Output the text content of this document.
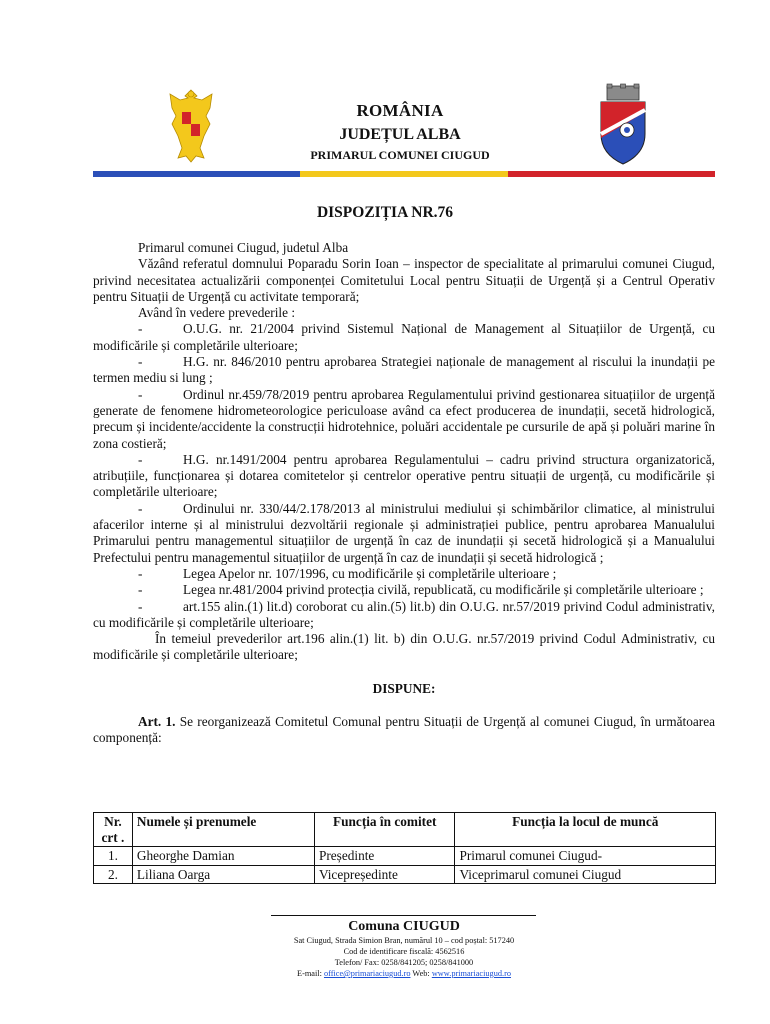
ROMÂNIA
JUDEȚUL ALBA
PRIMARUL COMUNEI CIUGUD
DISPOZIȚIA NR.76

Primarul comunei Ciugud, judetul Alba

Văzând referatul domnului Poparadu Sorin Ioan – inspector de specialitate al primarului comunei Ciugud, privind necesitatea actualizării componenței Comitetului Local pentru Situații de Urgență și a Centrul Operativ pentru Situații de Urgență cu activitate temporară;

Având în vedere prevederile :

-	O.U.G. nr. 21/2004 privind Sistemul Național de Management al Situațiilor de Urgență, cu modificările și completările ulterioare;

-	H.G. nr. 846/2010 pentru aprobarea Strategiei naționale de management al riscului la inundații pe termen mediu si lung ;

-	Ordinul nr.459/78/2019 pentru aprobarea Regulamentului privind gestionarea situațiilor de urgență generate de fenomene hidrometeorologice periculoase având ca efect producerea de inundații, secetă hidrologică, precum și incidente/accidente la construcții hidrotehnice, poluări accidentale pe cursurile de apă și poluări marine în zona costieră;

-	H.G. nr.1491/2004 pentru aprobarea Regulamentului – cadru privind structura organizatorică, atribuțiile, funcționarea și dotarea comitetelor și centrelor operative pentru situații de urgență, cu modificările și completările ulterioare;

-	Ordinului nr. 330/44/2.178/2013 al ministrului mediului și schimbărilor climatice, al ministrului afacerilor interne și al ministrului dezvoltării regionale și administrației publice, pentru aprobarea Manualului Primarului pentru managementul situațiilor de urgență în caz de inundații și secetă hidrologică și a Manualului Prefectului pentru managementul situațiilor de urgență în caz de inundații și secetă hidrologică ;

-	Legea Apelor nr. 107/1996, cu modificările și completările ulterioare ;

-	Legea nr.481/2004 privind protecția civilă, republicată, cu modificările și completările ulterioare ;

-	art.155 alin.(1) lit.d) coroborat cu alin.(5) lit.b) din O.U.G. nr.57/2019 privind Codul administrativ, cu modificările și completările ulterioare;

În temeiul prevederilor art.196 alin.(1) lit. b) din O.U.G. nr.57/2019 privind Codul Administrativ, cu modificările și completările ulterioare;

DISPUNE:

Art. 1. Se reorganizează Comitetul Comunal pentru Situații de Urgență al comunei Ciugud, în următoarea componență:

Nr. crt .	Numele și prenumele	Funcția în comitet	Funcția la locul de muncă
1.	Gheorghe Damian	Președinte	Primarul comunei Ciugud-
2.	Liliana Oarga	Vicepreședinte	Viceprimarul comunei Ciugud
Comuna CIUGUD
Sat Ciugud, Strada Simion Bran, numărul 10 – cod poștal: 517240
Cod de identificare fiscală: 4562516
Telefon/ Fax: 0258/841205; 0258/841000
E-mail: office@primariaciugud.ro Web: www.primariaciugud.ro
